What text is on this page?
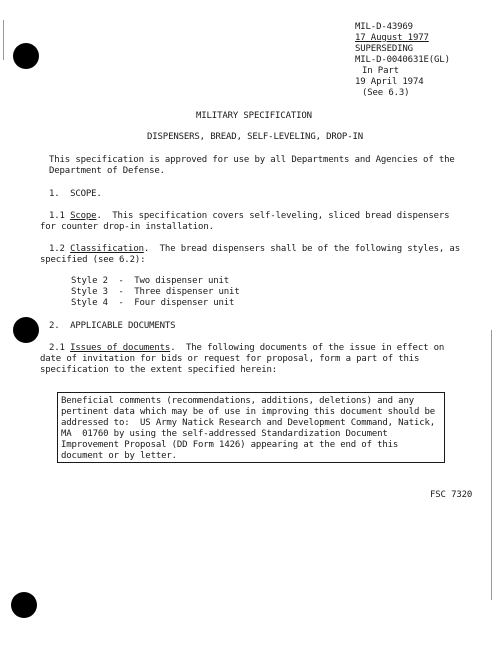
MIL-D-43969
17 August 1977
SUPERSEDING
MIL-D-0040631E(GL)
In Part
19 April 1974
(See 6.3)
MILITARY SPECIFICATION
DISPENSERS, BREAD, SELF-LEVELING, DROP-IN
This specification is approved for use by all Departments and Agencies of the
Department of Defense.
1.  SCOPE.
1.1 Scope.  This specification covers self-leveling, sliced bread dispensers
for counter drop-in installation.
1.2 Classification.  The bread dispensers shall be of the following styles, as
specified (see 6.2):
Style 2  -  Two dispenser unit
Style 3  -  Three dispenser unit
Style 4  -  Four dispenser unit
2.  APPLICABLE DOCUMENTS
2.1 Issues of documents.  The following documents of the issue in effect on
date of invitation for bids or request for proposal, form a part of this
specification to the extent specified herein:
Beneficial comments (recommendations, additions, deletions) and any
pertinent data which may be of use in improving this document should be
addressed to:  US Army Natick Research and Development Command, Natick,
MA  01760 by using the self-addressed Standardization Document
Improvement Proposal (DD Form 1426) appearing at the end of this
document or by letter.
FSC 7320
